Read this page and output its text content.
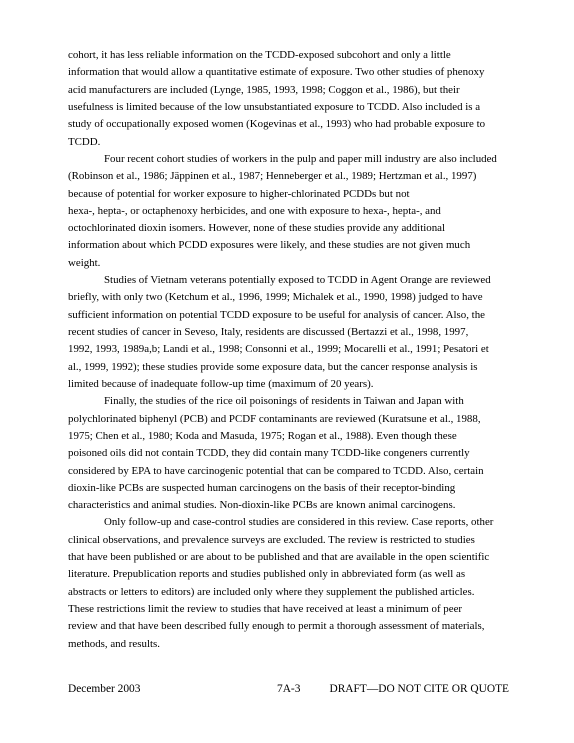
cohort, it has less reliable information on the TCDD-exposed subcohort and only a little
information that would allow a quantitative estimate of exposure. Two other studies of phenoxy
acid manufacturers are included (Lynge, 1985, 1993, 1998; Coggon et al., 1986), but their
usefulness is limited because of the low unsubstantiated exposure to TCDD. Also included is a
study of occupationally exposed women (Kogevinas et al., 1993) who had probable exposure to
TCDD.
Four recent cohort studies of workers in the pulp and paper mill industry are also included
(Robinson et al., 1986; Jäppinen et al., 1987; Henneberger et al., 1989; Hertzman et al., 1997)
because of potential for worker exposure to higher-chlorinated PCDDs but not
hexa-, hepta-, or octaphenoxy herbicides, and one with exposure to hexa-, hepta-, and
octochlorinated dioxin isomers. However, none of these studies provide any additional
information about which PCDD exposures were likely, and these studies are not given much
weight.
Studies of Vietnam veterans potentially exposed to TCDD in Agent Orange are reviewed
briefly, with only two (Ketchum et al., 1996, 1999; Michalek et al., 1990, 1998) judged to have
sufficient information on potential TCDD exposure to be useful for analysis of cancer. Also, the
recent studies of cancer in Seveso, Italy, residents are discussed (Bertazzi et al., 1998, 1997,
1992, 1993, 1989a,b; Landi et al., 1998; Consonni et al., 1999; Mocarelli et al., 1991; Pesatori et
al., 1999, 1992); these studies provide some exposure data, but the cancer response analysis is
limited because of inadequate follow-up time (maximum of 20 years).
Finally, the studies of the rice oil poisonings of residents in Taiwan and Japan with
polychlorinated biphenyl (PCB) and PCDF contaminants are reviewed (Kuratsune et al., 1988,
1975; Chen et al., 1980; Koda and Masuda, 1975; Rogan et al., 1988). Even though these
poisoned oils did not contain TCDD, they did contain many TCDD-like congeners currently
considered by EPA to have carcinogenic potential that can be compared to TCDD. Also, certain
dioxin-like PCBs are suspected human carcinogens on the basis of their receptor-binding
characteristics and animal studies. Non-dioxin-like PCBs are known animal carcinogens.
Only follow-up and case-control studies are considered in this review. Case reports, other
clinical observations, and prevalence surveys are excluded. The review is restricted to studies
that have been published or are about to be published and that are available in the open scientific
literature. Prepublication reports and studies published only in abbreviated form (as well as
abstracts or letters to editors) are included only where they supplement the published articles.
These restrictions limit the review to studies that have received at least a minimum of peer
review and that have been described fully enough to permit a thorough assessment of materials,
methods, and results.
December 2003	7A-3	DRAFT—DO NOT CITE OR QUOTE
